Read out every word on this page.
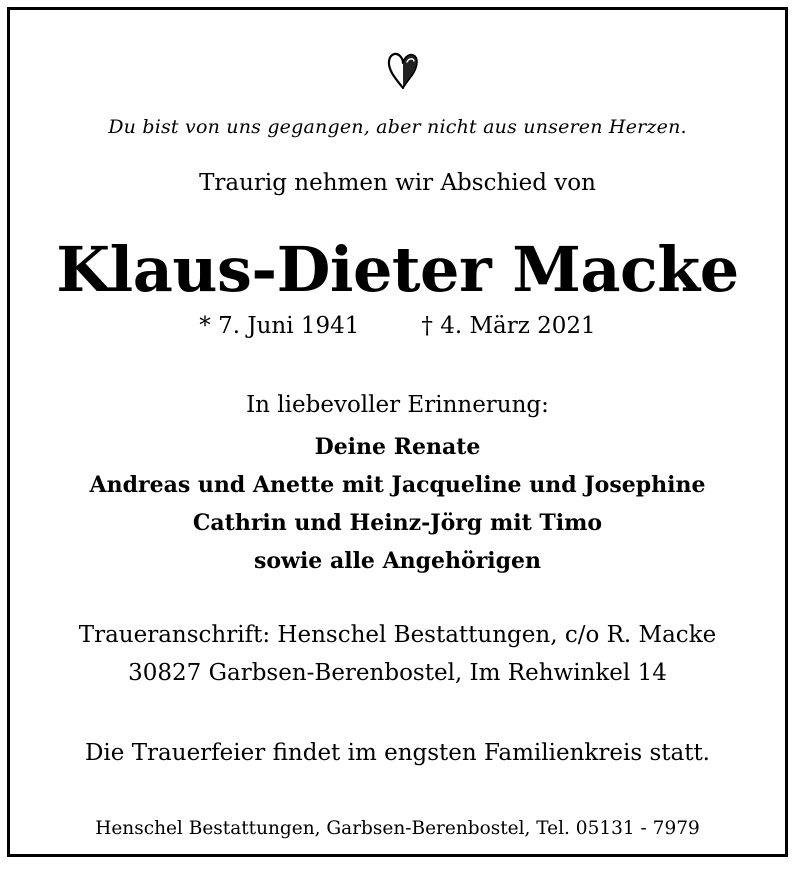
Du bist von uns gegangen, aber nicht aus unseren Herzen.
Traurig nehmen wir Abschied von
Klaus-Dieter Macke
* 7. Juni 1941	† 4. März 2021
In liebevoller Erinnerung:
Deine Renate
Andreas und Anette mit Jacqueline und Josephine
Cathrin und Heinz-Jörg mit Timo
sowie alle Angehörigen
Traueranschrift: Henschel Bestattungen, c/o R. Macke
30827 Garbsen-Berenbostel, Im Rehwinkel 14
Die Trauerfeier findet im engsten Familienkreis statt.
Henschel Bestattungen, Garbsen-Berenbostel, Tel. 05131 - 7979
